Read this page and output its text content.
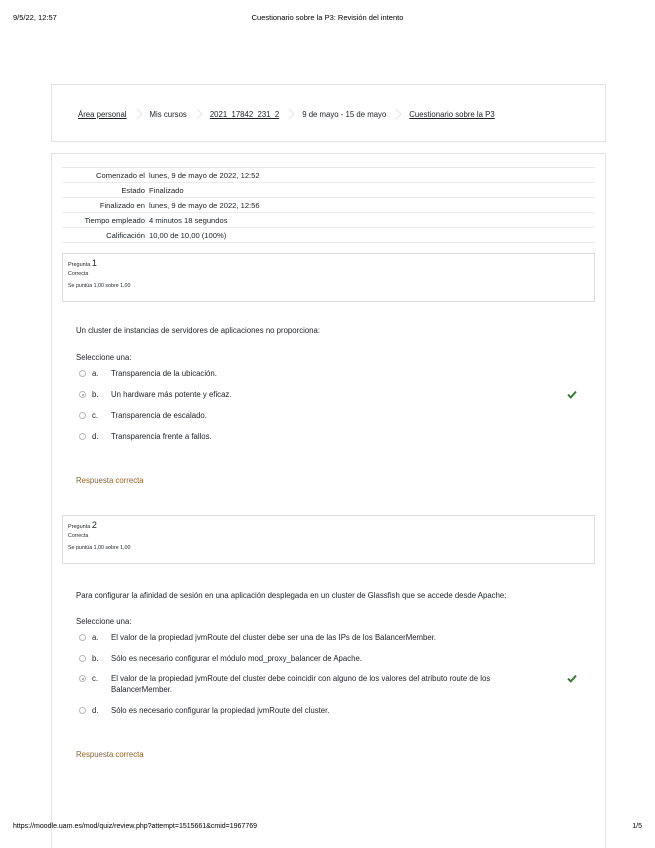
9/5/22, 12:57	Cuestionario sobre la P3: Revisión del intento
Área personal	Mis cursos	2021_17842_231_2	9 de mayo - 15 de mayo	Cuestionario sobre la P3
Comenzado el lunes, 9 de mayo de 2022, 12:52
Estado Finalizado
Finalizado en lunes, 9 de mayo de 2022, 12:56
Tiempo empleado 4 minutos 18 segundos
Calificación 10,00 de 10,00 (100%)
Pregunta 1
Correcta
Se puntúa 1,00 sobre 1,00
Un cluster de instancias de servidores de aplicaciones no proporciona:
Seleccione una:
a.	Transparencia de la ubicación.
b.	Un hardware más potente y eficaz.
c.	Transparencia de escalado.
d.	Transparencia frente a fallos.
Respuesta correcta
Pregunta 2
Correcta
Se puntúa 1,00 sobre 1,00
Para configurar la afinidad de sesión en una aplicación desplegada en un cluster de Glassfish que se accede desde Apache:
Seleccione una:
a.	El valor de la propiedad jvmRoute del cluster debe ser una de las IPs de los BalancerMember.
b.	Sólo es necesario configurar el módulo mod_proxy_balancer de Apache.
c.	El valor de la propiedad jvmRoute del cluster debe coincidir con alguno de los valores del atributo route de los
BalancerMember.
d.	Sólo es necesario configurar la propiedad jvmRoute del cluster.
Respuesta correcta
https://moodle.uam.es/mod/quiz/review.php?attempt=1515661&cmid=1967769	1/5
